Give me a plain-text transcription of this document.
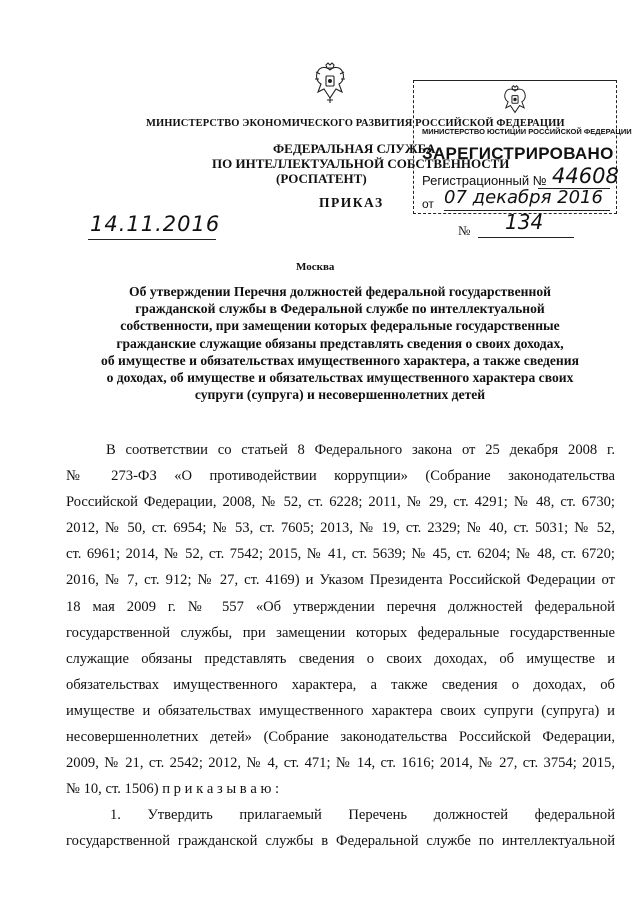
МИНИСТЕРСТВО ЭКОНОМИЧЕСКОГО РАЗВИТИЯ РОССИЙСКОЙ ФЕДЕРАЦИИ
ФЕДЕРАЛЬНАЯ СЛУЖБА
ПО ИНТЕЛЛЕКТУАЛЬНОЙ СОБСТВЕННОСТИ
(РОСПАТЕНТ)
ПРИКАЗ
МИНИСТЕРСТВО ЮСТИЦИИ РОССИЙСКОЙ ФЕДЕРАЦИИ
ЗАРЕГИСТРИРОВАНО
Регистрационный № 44608
от 07 декабря 2016
14.11.2016	№ 134
Москва
Об утверждении Перечня должностей федеральной государственной
гражданской службы в Федеральной службе по интеллектуальной
собственности, при замещении которых федеральные государственные
гражданские служащие обязаны представлять сведения о своих доходах,
об имуществе и обязательствах имущественного характера, а также сведения
о доходах, об имуществе и обязательствах имущественного характера своих
супруги (супруга) и несовершеннолетних детей
В соответствии со статьей 8 Федерального закона от 25 декабря 2008 г.
№ 273-ФЗ «О противодействии коррупции» (Собрание законодательства
Российской Федерации, 2008, № 52, ст. 6228; 2011, № 29, ст. 4291; № 48, ст. 6730;
2012, № 50, ст. 6954; № 53, ст. 7605; 2013, № 19, ст. 2329; № 40, ст. 5031; № 52,
ст. 6961; 2014, № 52, ст. 7542; 2015, № 41, ст. 5639; № 45, ст. 6204; № 48, ст. 6720;
2016, № 7, ст. 912; № 27, ст. 4169) и Указом Президента Российской Федерации от
18 мая 2009 г. № 557 «Об утверждении перечня должностей федеральной
государственной службы, при замещении которых федеральные государственные
служащие обязаны представлять сведения о своих доходах, об имуществе и
обязательствах имущественного характера, а также сведения о доходах, об
имуществе и обязательствах имущественного характера своих супруги (супруга) и
несовершеннолетних детей» (Собрание законодательства Российской Федерации,
2009, № 21, ст. 2542; 2012, № 4, ст. 471; № 14, ст. 1616; 2014, № 27, ст. 3754; 2015,
№ 10, ст. 1506) п р и к а з ы в а ю :
1. Утвердить прилагаемый Перечень должностей федеральной
государственной гражданской службы в Федеральной службе по интеллектуальной
